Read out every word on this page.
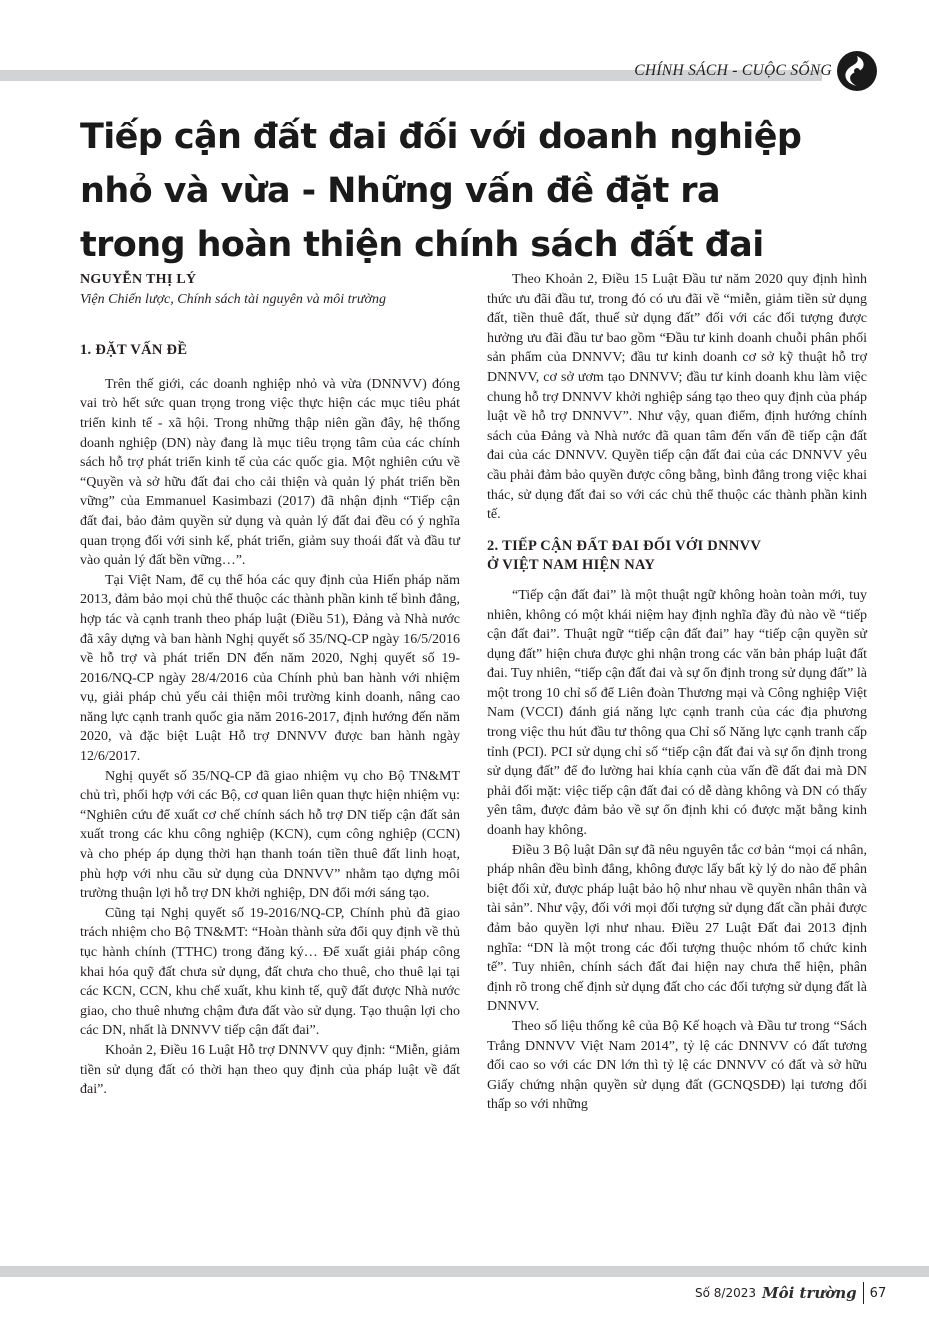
CHÍNH SÁCH - CUỘC SỐNG
Tiếp cận đất đai đối với doanh nghiệp
nhỏ và vừa - Những vấn đề đặt ra
trong hoàn thiện chính sách đất đai
NGUYỄN THỊ LÝ
Viện Chiến lược, Chính sách tài nguyên và môi trường
1. ĐẶT VẤN ĐỀ

Trên thế giới, các doanh nghiệp nhỏ và vừa (DNNVV) đóng vai trò hết sức quan trọng trong việc thực hiện các mục tiêu phát triển kinh tế - xã hội. Trong những thập niên gần đây, hệ thống doanh nghiệp (DN) này đang là mục tiêu trọng tâm của các chính sách hỗ trợ phát triển kinh tế của các quốc gia. Một nghiên cứu về “Quyền và sở hữu đất đai cho cải thiện và quản lý phát triển bền vững” của Emmanuel Kasimbazi (2017) đã nhận định “Tiếp cận đất đai, bảo đảm quyền sử dụng và quản lý đất đai đều có ý nghĩa quan trọng đối với sinh kế, phát triển, giảm suy thoái đất và đầu tư vào quản lý đất bền vững…”.

Tại Việt Nam, để cụ thể hóa các quy định của Hiến pháp năm 2013, đảm bảo mọi chủ thể thuộc các thành phần kinh tế bình đẳng, hợp tác và cạnh tranh theo pháp luật (Điều 51), Đảng và Nhà nước đã xây dựng và ban hành Nghị quyết số 35/NQ-CP ngày 16/5/2016 về hỗ trợ và phát triển DN đến năm 2020, Nghị quyết số 19-2016/NQ-CP ngày 28/4/2016 của Chính phủ ban hành với nhiệm vụ, giải pháp chủ yếu cải thiện môi trường kinh doanh, nâng cao năng lực cạnh tranh quốc gia năm 2016-2017, định hướng đến năm 2020, và đặc biệt Luật Hỗ trợ DNNVV được ban hành ngày 12/6/2017.

Nghị quyết số 35/NQ-CP đã giao nhiệm vụ cho Bộ TN&MT chủ trì, phối hợp với các Bộ, cơ quan liên quan thực hiện nhiệm vụ: “Nghiên cứu để xuất cơ chế chính sách hỗ trợ DN tiếp cận đất sản xuất trong các khu công nghiệp (KCN), cụm công nghiệp (CCN) và cho phép áp dụng thời hạn thanh toán tiền thuê đất linh hoạt, phù hợp với nhu cầu sử dụng của DNNVV” nhằm tạo dựng môi trường thuận lợi hỗ trợ DN khởi nghiệp, DN đổi mới sáng tạo.

Cũng tại Nghị quyết số 19-2016/NQ-CP, Chính phủ đã giao trách nhiệm cho Bộ TN&MT: “Hoàn thành sửa đổi quy định về thủ tục hành chính (TTHC) trong đăng ký… Để xuất giải pháp công khai hóa quỹ đất chưa sử dụng, đất chưa cho thuê, cho thuê lại tại các KCN, CCN, khu chế xuất, khu kinh tế, quỹ đất được Nhà nước giao, cho thuê nhưng chậm đưa đất vào sử dụng. Tạo thuận lợi cho các DN, nhất là DNNVV tiếp cận đất đai”.

Khoản 2, Điều 16 Luật Hỗ trợ DNNVV quy định: “Miễn, giảm tiền sử dụng đất có thời hạn theo quy định của pháp luật về đất đai”.

Theo Khoản 2, Điều 15 Luật Đầu tư năm 2020 quy định hình thức ưu đãi đầu tư, trong đó có ưu đãi về “miễn, giảm tiền sử dụng đất, tiền thuê đất, thuế sử dụng đất” đối với các đối tượng được hưởng ưu đãi đầu tư bao gồm “Đầu tư kinh doanh chuỗi phân phối sản phẩm của DNNVV; đầu tư kinh doanh cơ sở kỹ thuật hỗ trợ DNNVV, cơ sở ươm tạo DNNVV; đầu tư kinh doanh khu làm việc chung hỗ trợ DNNVV khởi nghiệp sáng tạo theo quy định của pháp luật về hỗ trợ DNNVV”. Như vậy, quan điểm, định hướng chính sách của Đảng và Nhà nước đã quan tâm đến vấn đề tiếp cận đất đai của các DNNVV. Quyền tiếp cận đất đai của các DNNVV yêu cầu phải đảm bảo quyền được công bằng, bình đẳng trong việc khai thác, sử dụng đất đai so với các chủ thể thuộc các thành phần kinh tế.

2. TIẾP CẬN ĐẤT ĐAI ĐỐI VỚI DNNVV
Ở VIỆT NAM HIỆN NAY

“Tiếp cận đất đai” là một thuật ngữ không hoàn toàn mới, tuy nhiên, không có một khái niệm hay định nghĩa đầy đủ nào về “tiếp cận đất đai”. Thuật ngữ “tiếp cận đất đai” hay “tiếp cận quyền sử dụng đất” hiện chưa được ghi nhận trong các văn bản pháp luật đất đai. Tuy nhiên, “tiếp cận đất đai và sự ổn định trong sử dụng đất” là một trong 10 chỉ số để Liên đoàn Thương mại và Công nghiệp Việt Nam (VCCI) đánh giá năng lực cạnh tranh của các địa phương trong việc thu hút đầu tư thông qua Chỉ số Năng lực cạnh tranh cấp tỉnh (PCI). PCI sử dụng chỉ số “tiếp cận đất đai và sự ổn định trong sử dụng đất” để đo lường hai khía cạnh của vấn đề đất đai mà DN phải đối mặt: việc tiếp cận đất đai có dễ dàng không và DN có thấy yên tâm, được đảm bảo về sự ổn định khi có được mặt bằng kinh doanh hay không.

Điều 3 Bộ luật Dân sự đã nêu nguyên tắc cơ bản “mọi cá nhân, pháp nhân đều bình đẳng, không được lấy bất kỳ lý do nào để phân biệt đối xử, được pháp luật bảo hộ như nhau về quyền nhân thân và tài sản”. Như vậy, đối với mọi đối tượng sử dụng đất cần phải được đảm bảo quyền lợi như nhau. Điều 27 Luật Đất đai 2013 định nghĩa: “DN là một trong các đối tượng thuộc nhóm tổ chức kinh tế”. Tuy nhiên, chính sách đất đai hiện nay chưa thể hiện, phân định rõ trong chế định sử dụng đất cho các đối tượng sử dụng đất là DNNVV.

Theo số liệu thống kê của Bộ Kế hoạch và Đầu tư trong “Sách Trắng DNNVV Việt Nam 2014”, tỷ lệ các DNNVV có đất tương đối cao so với các DN lớn thì tỷ lệ các DNNVV có đất và sở hữu Giấy chứng nhận quyền sử dụng đất (GCNQSDĐ) lại tương đối thấp so với những

Số 8/2023 Môi trường 67
